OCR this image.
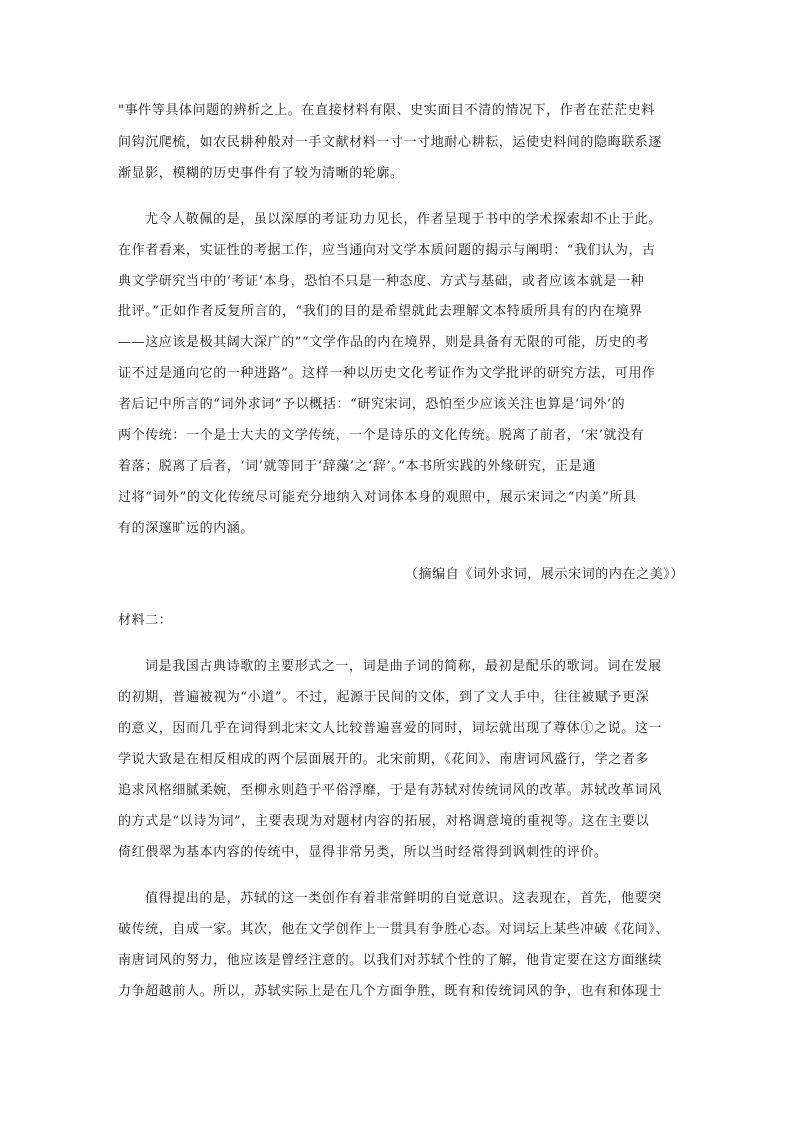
"事件等具体问题的辨析之上。在直接材料有限、史实面目不清的情况下，作者在茫茫史料
间钩沉爬梳，如农民耕种般对一手文献材料一寸一寸地耐心耕耘，运使史料间的隐晦联系逐
渐显影，模糊的历史事件有了较为清晰的轮廓。
尤令人敬佩的是，虽以深厚的考证功力见长，作者呈现于书中的学术探索却不止于此。
在作者看来，实证性的考据工作，应当通向对文学本质问题的揭示与阐明：“我们认为，古
典文学研究当中的‘考证’本身，恐怕不只是一种态度、方式与基础，或者应该本就是一种
批评。”正如作者反复所言的，“我们的目的是希望就此去理解文本特质所具有的内在境界
——这应该是极其阔大深广的”“文学作品的内在境界，则是具备有无限的可能，历史的考
证不过是通向它的一种进路”。这样一种以历史文化考证作为文学批评的研究方法，可用作
者后记中所言的“词外求词”予以概括：“研究宋词，恐怕至少应该关注也算是‘词外’的
两个传统：一个是士大夫的文学传统，一个是诗乐的文化传统。脱离了前者，‘宋’就没有
着落；脱离了后者，‘词’就等同于‘辞藻’之‘辞’。”本书所实践的外缘研究，正是通
过将“词外”的文化传统尽可能充分地纳入对词体本身的观照中，展示宋词之“内美”所具
有的深邃旷远的内涵。
（摘编自《词外求词，展示宋词的内在之美》）
材料二：
词是我国古典诗歌的主要形式之一，词是曲子词的简称，最初是配乐的歌词。词在发展
的初期，普遍被视为“小道”。不过，起源于民间的文体，到了文人手中，往往被赋予更深
的意义，因而几乎在词得到北宋文人比较普遍喜爱的同时，词坛就出现了尊体①之说。这一
学说大致是在相反相成的两个层面展开的。北宋前期，《花间》、南唐词风盛行，学之者多
追求风格细腻柔婉，至柳永则趋于平俗浮靡，于是有苏轼对传统词风的改革。苏轼改革词风
的方式是“以诗为词”，主要表现为对题材内容的拓展，对格调意境的重视等。这在主要以
倚红偎翠为基本内容的传统中，显得非常另类，所以当时经常得到讽刺性的评价。
值得提出的是，苏轼的这一类创作有着非常鲜明的自觉意识。这表现在，首先，他要突
破传统，自成一家。其次，他在文学创作上一贯具有争胜心态。对词坛上某些冲破《花间》、
南唐词风的努力，他应该是曾经注意的。以我们对苏轼个性的了解，他肯定要在这方面继续
力争超越前人。所以，苏轼实际上是在几个方面争胜，既有和传统词风的争，也有和体现士
